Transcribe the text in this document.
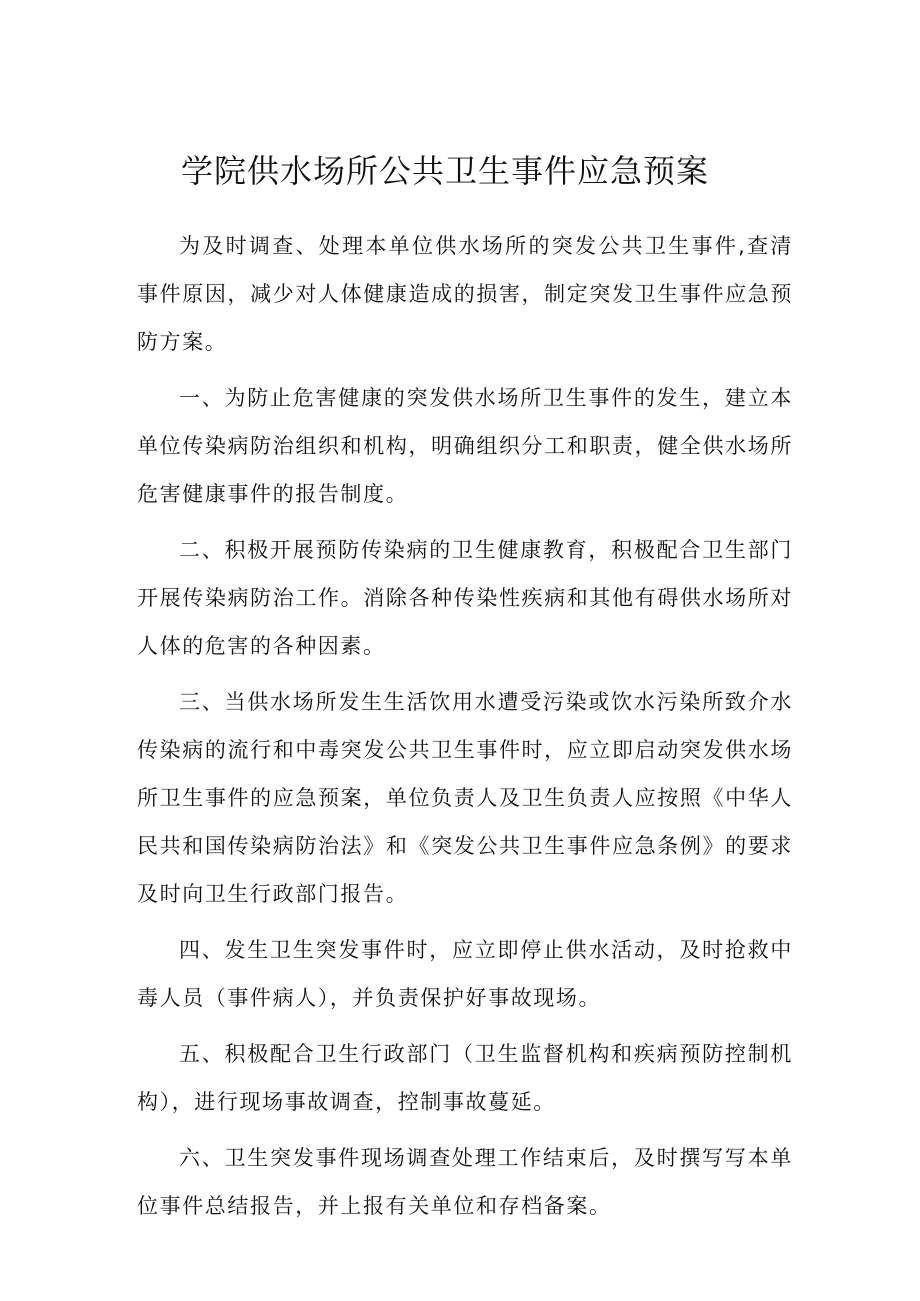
学院供水场所公共卫生事件应急预案

为及时调查、处理本单位供水场所的突发公共卫生事件,查清事件原因，减少对人体健康造成的损害，制定突发卫生事件应急预防方案。

一、为防止危害健康的突发供水场所卫生事件的发生，建立本单位传染病防治组织和机构，明确组织分工和职责，健全供水场所危害健康事件的报告制度。

二、积极开展预防传染病的卫生健康教育，积极配合卫生部门开展传染病防治工作。消除各种传染性疾病和其他有碍供水场所对人体的危害的各种因素。

三、当供水场所发生生活饮用水遭受污染或饮水污染所致介水传染病的流行和中毒突发公共卫生事件时，应立即启动突发供水场所卫生事件的应急预案，单位负责人及卫生负责人应按照《中华人民共和国传染病防治法》和《突发公共卫生事件应急条例》的要求及时向卫生行政部门报告。

四、发生卫生突发事件时，应立即停止供水活动，及时抢救中毒人员（事件病人），并负责保护好事故现场。

五、积极配合卫生行政部门（卫生监督机构和疾病预防控制机构），进行现场事故调查，控制事故蔓延。

六、卫生突发事件现场调查处理工作结束后，及时撰写写本单位事件总结报告，并上报有关单位和存档备案。
